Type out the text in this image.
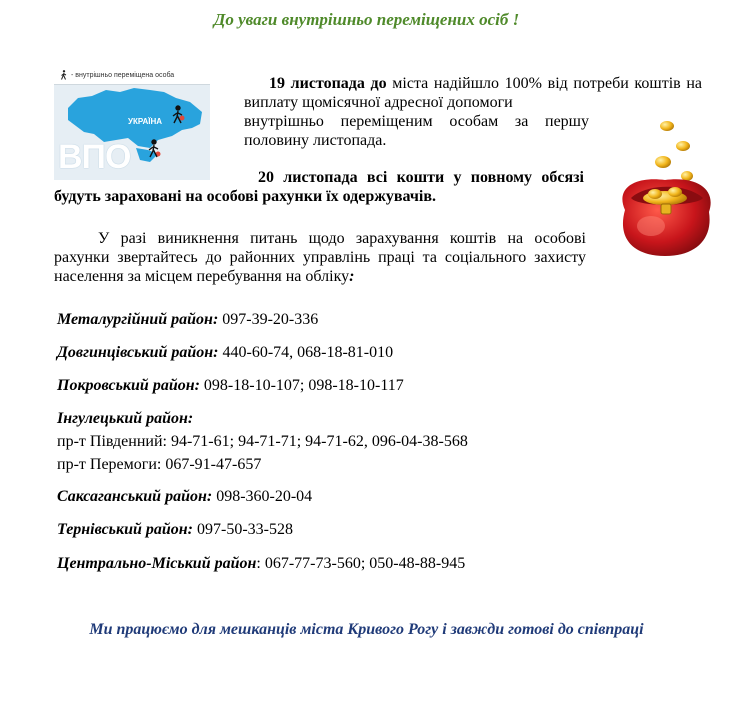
До уваги внутрішньо переміщених осіб !
- внутрішньо переміщена особа
УКРАЇНА
ВПО
19 листопада до міста надійшло 100% від потреби коштів на виплату щомісячної адресної допомоги
внутрішньо переміщеним особам за першу половину листопада.
20 листопада всі кошти у повному обсязі будуть зараховані на особові рахунки їх одержувачів.
У разі виникнення питань щодо зарахування коштів на особові рахунки звертайтесь до районних управлінь праці та соціального захисту населення за місцем перебування на обліку:
Металургійний район: 097-39-20-336
Довгинцівський район: 440-60-74, 068-18-81-010
Покровський район: 098-18-10-107; 098-18-10-117
Інгулецький район:
пр-т Південний: 94-71-61; 94-71-71; 94-71-62, 096-04-38-568
пр-т Перемоги: 067-91-47-657
Саксаганський район: 098-360-20-04
Тернівський район: 097-50-33-528
Центрально-Міський район: 067-77-73-560; 050-48-88-945
Ми працюємо для мешканців міста Кривого Рогу і завжди готові до співпраці
